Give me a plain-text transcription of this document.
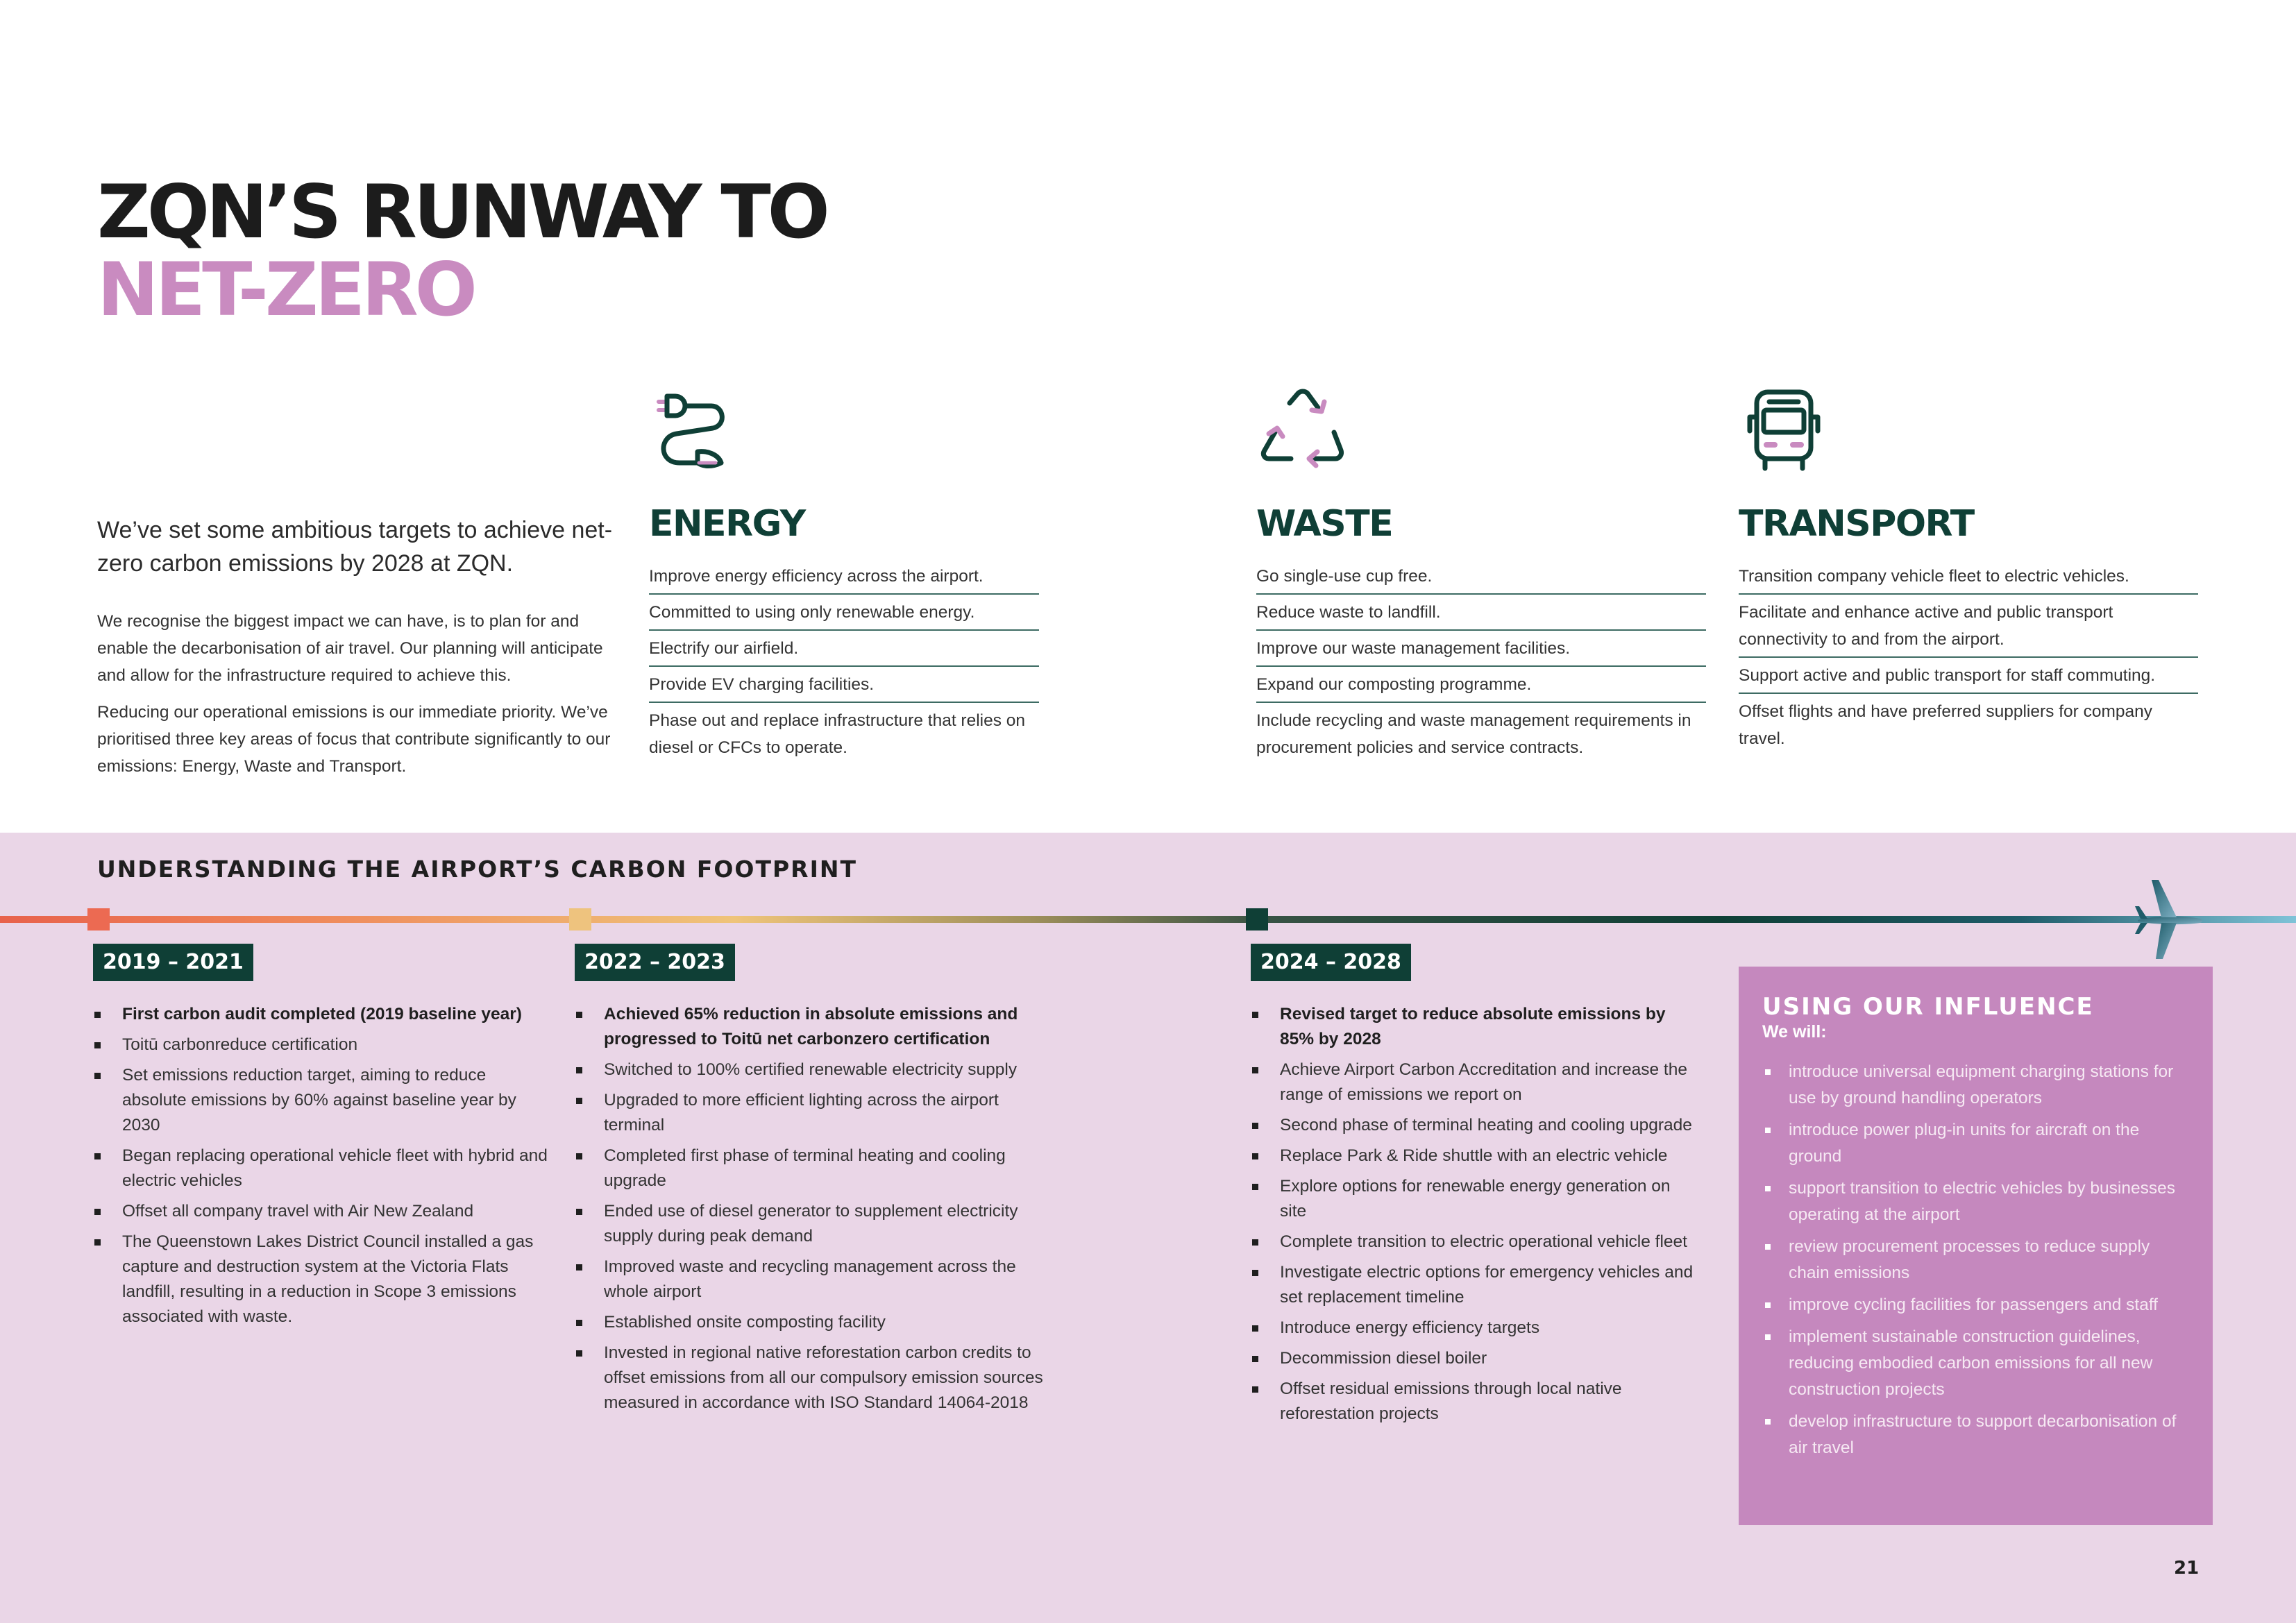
ZQN’S RUNWAY TO
NET-ZERO

We’ve set some ambitious targets to achieve net-zero carbon emissions by 2028 at ZQN.

We recognise the biggest impact we can have, is to plan for and enable the decarbonisation of air travel. Our planning will anticipate and allow for the infrastructure required to achieve this.

Reducing our operational emissions is our immediate priority. We’ve prioritised three key areas of focus that contribute significantly to our emissions: Energy, Waste and Transport.

ENERGY
Improve energy efficiency across the airport.
Committed to using only renewable energy.
Electrify our airfield.
Provide EV charging facilities.
Phase out and replace infrastructure that relies on diesel or CFCs to operate.
WASTE
Go single-use cup free.
Reduce waste to landfill.
Improve our waste management facilities.
Expand our composting programme.
Include recycling and waste management requirements in procurement policies and service contracts.
TRANSPORT
Transition company vehicle fleet to electric vehicles.
Facilitate and enhance active and public transport connectivity to and from the airport.
Support active and public transport for staff commuting.
Offset flights and have preferred suppliers for company travel.
UNDERSTANDING THE AIRPORT’S CARBON FOOTPRINT
2019 – 2021
First carbon audit completed (2019 baseline year)
Toitū carbonreduce certification
Set emissions reduction target, aiming to reduce absolute emissions by 60% against baseline year by 2030
Began replacing operational vehicle fleet with hybrid and electric vehicles
Offset all company travel with Air New Zealand
The Queenstown Lakes District Council installed a gas capture and destruction system at the Victoria Flats landfill, resulting in a reduction in Scope 3 emissions associated with waste.
2022 – 2023
Achieved 65% reduction in absolute emissions and progressed to Toitū net carbonzero certification
Switched to 100% certified renewable electricity supply
Upgraded to more efficient lighting across the airport terminal
Completed first phase of terminal heating and cooling upgrade
Ended use of diesel generator to supplement electricity supply during peak demand
Improved waste and recycling management across the whole airport
Established onsite composting facility
Invested in regional native reforestation carbon credits to offset emissions from all our compulsory emission sources measured in accordance with ISO Standard 14064-2018
2024 – 2028
Revised target to reduce absolute emissions by 85% by 2028
Achieve Airport Carbon Accreditation and increase the range of emissions we report on
Second phase of terminal heating and cooling upgrade
Replace Park & Ride shuttle with an electric vehicle
Explore options for renewable energy generation on site
Complete transition to electric operational vehicle fleet
Investigate electric options for emergency vehicles and set replacement timeline
Introduce energy efficiency targets
Decommission diesel boiler
Offset residual emissions through local native reforestation projects
USING OUR INFLUENCE

We will:

introduce universal equipment charging stations for use by ground handling operators
introduce power plug-in units for aircraft on the ground
support transition to electric vehicles by businesses operating at the airport
review procurement processes to reduce supply chain emissions
improve cycling facilities for passengers and staff
implement sustainable construction guidelines, reducing embodied carbon emissions for all new construction projects
develop infrastructure to support decarbonisation of air travel
21
